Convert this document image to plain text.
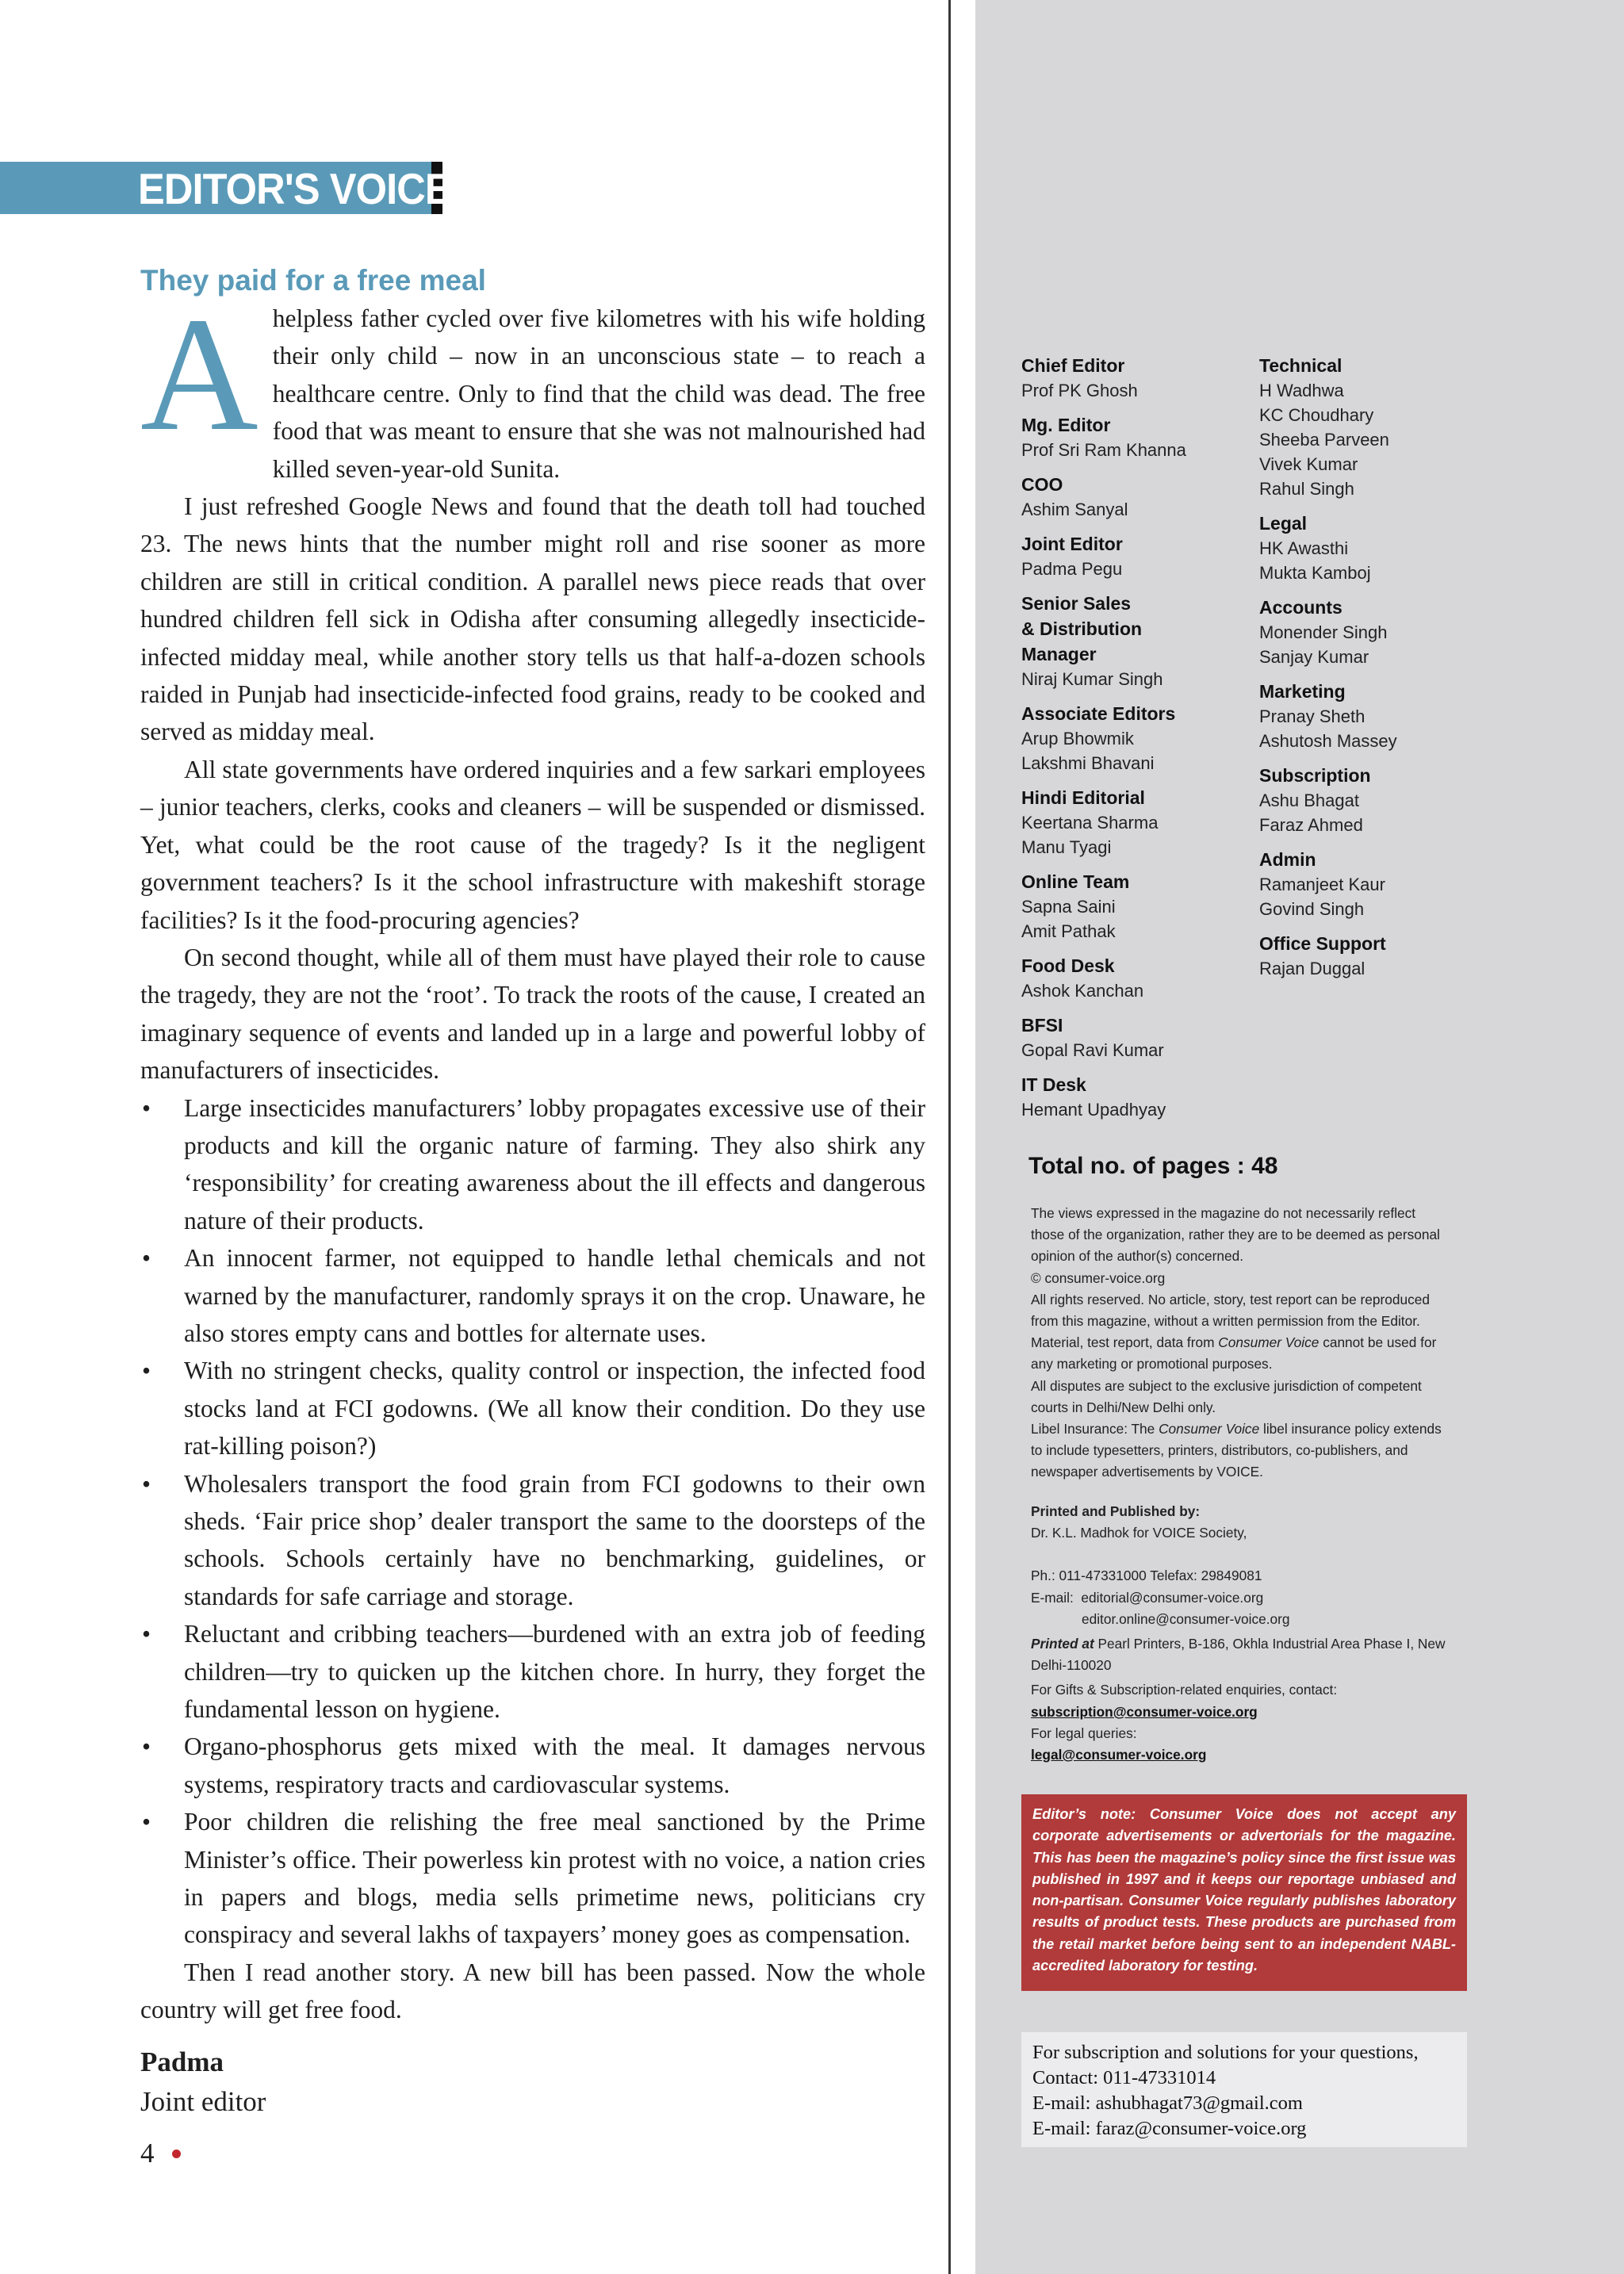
EDITOR'S VOICE
They paid for a free meal
A helpless father cycled over five kilometres with his wife holding their only child – now in an unconscious state – to reach a healthcare centre. Only to find that the child was dead. The free food that was meant to ensure that she was not malnourished had killed seven-year-old Sunita.

I just refreshed Google News and found that the death toll had touched 23. The news hints that the number might roll and rise sooner as more children are still in critical condition. A parallel news piece reads that over hundred children fell sick in Odisha after consuming allegedly insecticide-infected midday meal, while another story tells us that half-a-dozen schools raided in Punjab had insecticide-infected food grains, ready to be cooked and served as midday meal.

All state governments have ordered inquiries and a few sarkari employees – junior teachers, clerks, cooks and cleaners – will be suspended or dismissed. Yet, what could be the root cause of the tragedy? Is it the negligent government teachers? Is it the school infrastructure with makeshift storage facilities? Is it the food-procuring agencies?

On second thought, while all of them must have played their role to cause the tragedy, they are not the ‘root’. To track the roots of the cause, I created an imaginary sequence of events and landed up in a large and powerful lobby of manufacturers of insecticides.

• Large insecticides manufacturers’ lobby propagates excessive use of their products and kill the organic nature of farming. They also shirk any ‘responsibility’ for creating awareness about the ill effects and dangerous nature of their products.
• An innocent farmer, not equipped to handle lethal chemicals and not warned by the manufacturer, randomly sprays it on the crop. Unaware, he also stores empty cans and bottles for alternate uses.
• With no stringent checks, quality control or inspection, the infected food stocks land at FCI godowns. (We all know their condition. Do they use rat-killing poison?)
• Wholesalers transport the food grain from FCI godowns to their own sheds. ‘Fair price shop’ dealer transport the same to the doorsteps of the schools. Schools certainly have no benchmarking, guidelines, or standards for safe carriage and storage.
• Reluctant and cribbing teachers—burdened with an extra job of feeding children—try to quicken up the kitchen chore. In hurry, they forget the fundamental lesson on hygiene.
• Organo-phosphorus gets mixed with the meal. It damages nervous systems, respiratory tracts and cardiovascular systems.
• Poor children die relishing the free meal sanctioned by the Prime Minister’s office. Their powerless kin protest with no voice, a nation cries in papers and blogs, media sells primetime news, politicians cry conspiracy and several lakhs of taxpayers’ money goes as compensation.

Then I read another story. A new bill has been passed. Now the whole country will get free food.

Padma
Joint editor
4
Chief Editor
Prof PK Ghosh
Mg. Editor
Prof Sri Ram Khanna
COO
Ashim Sanyal
Joint Editor
Padma Pegu
Senior Sales
& Distribution
Manager
Niraj Kumar Singh
Associate Editors
Arup Bhowmik
Lakshmi Bhavani
Hindi Editorial
Keertana Sharma
Manu Tyagi
Online Team
Sapna Saini
Amit Pathak
Food Desk
Ashok Kanchan
BFSI
Gopal Ravi Kumar
IT Desk
Hemant Upadhyay
Technical
H Wadhwa
KC Choudhary
Sheeba Parveen
Vivek Kumar
Rahul Singh
Legal
HK Awasthi
Mukta Kamboj
Accounts
Monender Singh
Sanjay Kumar
Marketing
Pranay Sheth
Ashutosh Massey
Subscription
Ashu Bhagat
Faraz Ahmed
Admin
Ramanjeet Kaur
Govind Singh
Office Support
Rajan Duggal
Total no. of pages : 48
The views expressed in the magazine do not necessarily reflect those of the organization, rather they are to be deemed as personal opinion of the author(s) concerned.
© consumer-voice.org
All rights reserved. No article, story, test report can be reproduced from this magazine, without a written permission from the Editor. Material, test report, data from Consumer Voice cannot be used for any marketing or promotional purposes.
All disputes are subject to the exclusive jurisdiction of competent courts in Delhi/New Delhi only.
Libel Insurance: The Consumer Voice libel insurance policy extends to include typesetters, printers, distributors, co-publishers, and newspaper advertisements by VOICE.
Printed and Published by:
Dr. K.L. Madhok for VOICE Society,
Ph.: 011-47331000 Telefax: 29849081
E-mail: editorial@consumer-voice.org
editor.online@consumer-voice.org
Printed at Pearl Printers, B-186, Okhla Industrial Area Phase I, New Delhi-110020
For Gifts & Subscription-related enquiries, contact:
subscription@consumer-voice.org
For legal queries:
legal@consumer-voice.org
Editor’s note: Consumer Voice does not accept any corporate advertisements or advertorials for the magazine. This has been the magazine’s policy since the first issue was published in 1997 and it keeps our reportage unbiased and non-partisan. Consumer Voice regularly publishes laboratory results of product tests. These products are purchased from the retail market before being sent to an independent NABL-accredited laboratory for testing.
For subscription and solutions for your questions,
Contact: 011-47331014
E-mail: ashubhagat73@gmail.com
E-mail: faraz@consumer-voice.org
